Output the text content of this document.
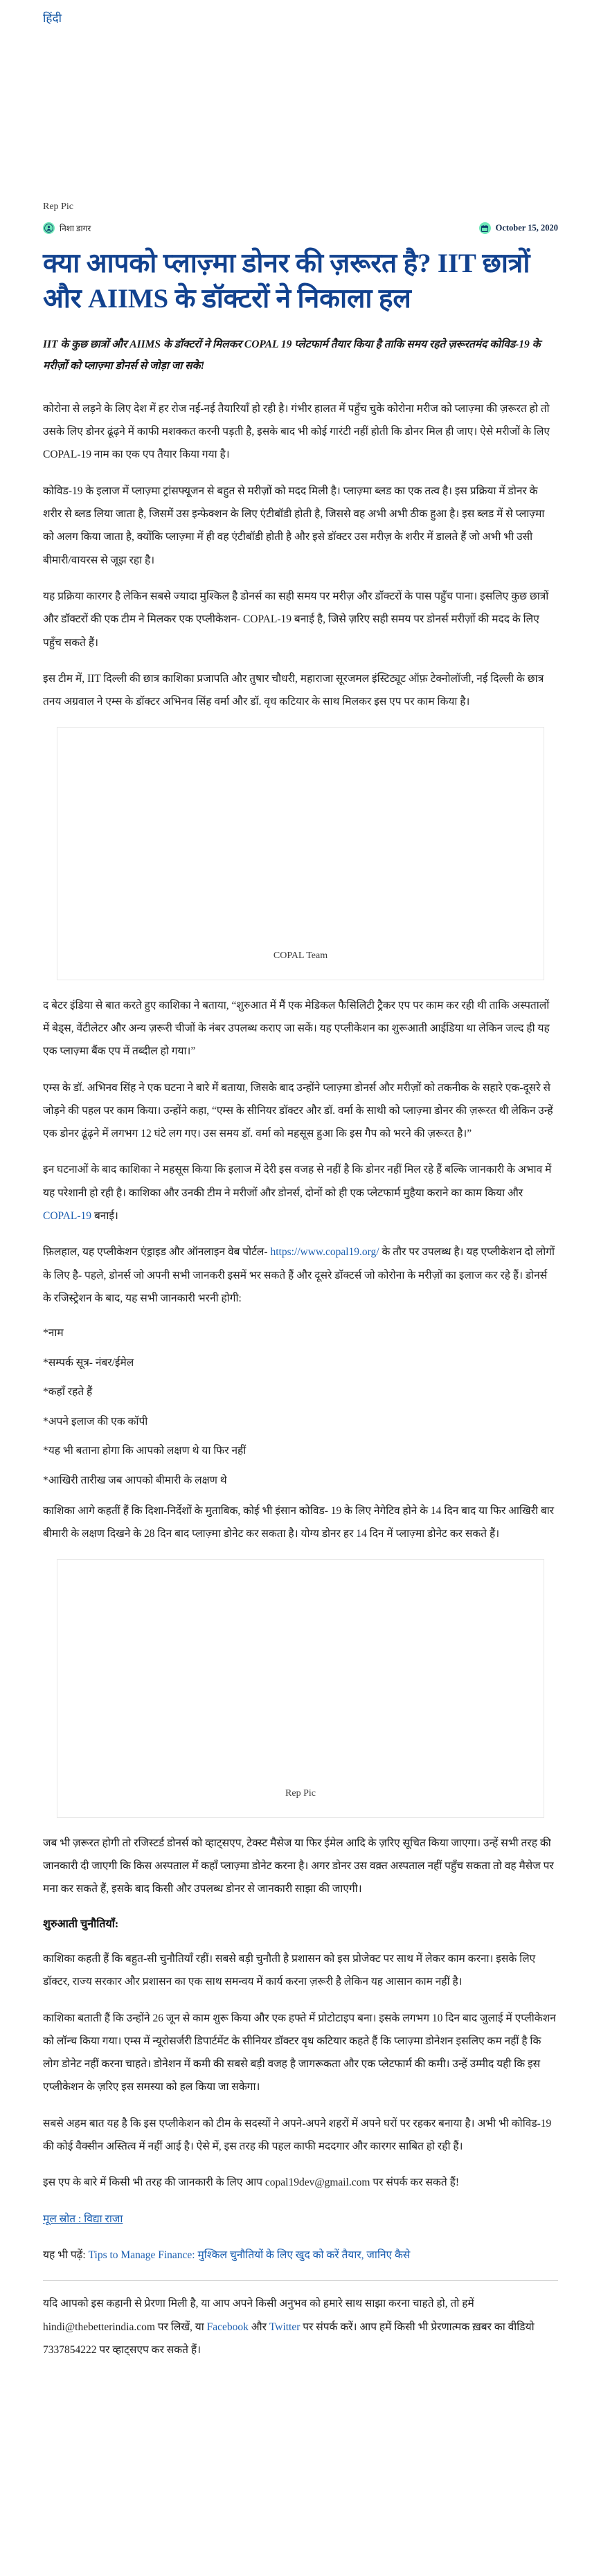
हिंदी
Rep Pic
निशा डागर	October 15, 2020
क्या आपको प्लाज़्मा डोनर की ज़रूरत है? IIT छात्रों और AIIMS के डॉक्टरों ने निकाला हल

IIT के कुछ छात्रों और AIIMS के डॉक्टरों ने मिलकर COPAL 19 प्लेटफार्म तैयार किया है ताकि समय रहते ज़रूरतमंद कोविड-19 के मरीज़ों को प्लाज़्मा डोनर्स से जोड़ा जा सके!

कोरोना से लड़ने के लिए देश में हर रोज नई-नई तैयारियाँ हो रही है। गंभीर हालत में पहुँच चुके कोरोना मरीज को प्लाज़्मा की ज़रूरत हो तो उसके लिए डोनर ढूंढ़ने में काफी मशक्कत करनी पड़ती है, इसके बाद भी कोई गारंटी नहीं होती कि डोनर मिल ही जाए। ऐसे मरीजों के लिए COPAL-19 नाम का एक एप तैयार किया गया है।

कोविड-19 के इलाज में प्लाज़्मा ट्रांसफ्यूजन से बहुत से मरीज़ों को मदद मिली है। प्लाज़्मा ब्लड का एक तत्व है। इस प्रक्रिया में डोनर के शरीर से ब्लड लिया जाता है, जिसमें उस इन्फेक्शन के लिए एंटीबॉडी होती है, जिससे वह अभी अभी ठीक हुआ है। इस ब्लड में से प्लाज़्मा को अलग किया जाता है, क्योंकि प्लाज़्मा में ही वह एंटीबॉडी होती है और इसे डॉक्टर उस मरीज़ के शरीर में डालते हैं जो अभी भी उसी बीमारी/वायरस से जूझ रहा है।

यह प्रक्रिया कारगर है लेकिन सबसे ज्यादा मुश्किल है डोनर्स का सही समय पर मरीज़ और डॉक्टरों के पास पहुँच पाना। इसलिए कुछ छात्रों और डॉक्टरों की एक टीम ने मिलकर एक एप्लीकेशन- COPAL-19 बनाई है, जिसे ज़रिए सही समय पर डोनर्स मरीज़ों की मदद के लिए पहुँच सकते हैं।

इस टीम में, IIT दिल्ली की छात्र काशिका प्रजापति और तुषार चौधरी, महाराजा सूरजमल इंस्टिट्यूट ऑफ़ टेक्नोलॉजी, नई दिल्ली के छात्र तनय अग्रवाल ने एम्स के डॉक्टर अभिनव सिंह वर्मा और डॉ. वृध कटियार के साथ मिलकर इस एप पर काम किया है।

COPAL Team

द बेटर इंडिया से बात करते हुए काशिका ने बताया, “शुरुआत में मैं एक मेडिकल फैसिलिटी ट्रैकर एप पर काम कर रही थी ताकि अस्पतालों में बेड्स, वेंटीलेटर और अन्य ज़रूरी चीजों के नंबर उपलब्ध कराए जा सकें। यह एप्लीकेशन का शुरूआती आईडिया था लेकिन जल्द ही यह एक प्लाज़्मा बैंक एप में तब्दील हो गया।”

एम्स के डॉ. अभिनव सिंह ने एक घटना ने बारे में बताया, जिसके बाद उन्होंने प्लाज़्मा डोनर्स और मरीज़ों को तकनीक के सहारे एक-दूसरे से जोड़ने की पहल पर काम किया। उन्होंने कहा, “एम्स के सीनियर डॉक्टर और डॉ. वर्मा के साथी को प्लाज़्मा डोनर की ज़रूरत थी लेकिन उन्हें एक डोनर ढूंढ़ने में लगभग 12 घंटे लग गए। उस समय डॉ. वर्मा को महसूस हुआ कि इस गैप को भरने की ज़रूरत है।”

इन घटनाओं के बाद काशिका ने महसूस किया कि इलाज में देरी इस वजह से नहीं है कि डोनर नहीं मिल रहे हैं बल्कि जानकारी के अभाव में यह परेशानी हो रही है। काशिका और उनकी टीम ने मरीजों और डोनर्स, दोनों को ही एक प्लेटफार्म मुहैया कराने का काम किया और COPAL-19 बनाई।

फ़िलहाल, यह एप्लीकेशन एंड्राइड और ऑनलाइन वेब पोर्टल- https://www.copal19.org/ के तौर पर उपलब्ध है। यह एप्लीकेशन दो लोगों के लिए है- पहले, डोनर्स जो अपनी सभी जानकरी इसमें भर सकते हैं और दूसरे डॉक्टर्स जो कोरोना के मरीज़ों का इलाज कर रहे हैं। डोनर्स के रजिस्ट्रेशन के बाद, यह सभी जानकारी भरनी होगी:

*नाम

*सम्पर्क सूत्र- नंबर/ईमेल

*कहाँ रहते हैं

*अपने इलाज की एक कॉपी

*यह भी बताना होगा कि आपको लक्षण थे या फिर नहीं

*आखिरी तारीख जब आपको बीमारी के लक्षण थे

काशिका आगे कहतीं हैं कि दिशा-निर्देशों के मुताबिक, कोई भी इंसान कोविड- 19 के लिए नेगेटिव होने के 14 दिन बाद या फिर आखिरी बार बीमारी के लक्षण दिखने के 28 दिन बाद प्लाज़्मा डोनेट कर सकता है। योग्य डोनर हर 14 दिन में प्लाज़्मा डोनेट कर सकते हैं।

Rep Pic

जब भी ज़रूरत होगी तो रजिस्टर्ड डोनर्स को व्हाट्सएप, टेक्स्ट मैसेज या फिर ईमेल आदि के ज़रिए सूचित किया जाएगा। उन्हें सभी तरह की जानकारी दी जाएगी कि किस अस्पताल में कहाँ प्लाज़्मा डोनेट करना है। अगर डोनर उस वक़्त अस्पताल नहीं पहुँच सकता तो वह मैसेज पर मना कर सकते हैं, इसके बाद किसी और उपलब्ध डोनर से जानकारी साझा की जाएगी।

शुरुआती चुनौतियाँ:

काशिका कहती हैं कि बहुत-सी चुनौतियाँ रहीं। सबसे बड़ी चुनौती है प्रशासन को इस प्रोजेक्ट पर साथ में लेकर काम करना। इसके लिए डॉक्टर, राज्य सरकार और प्रशासन का एक साथ समन्वय में कार्य करना ज़रूरी है लेकिन यह आसान काम नहीं है।

काशिका बताती हैं कि उन्होंने 26 जून से काम शुरू किया और एक हफ्ते में प्रोटोटाइप बना। इसके लगभग 10 दिन बाद जुलाई में एप्लीकेशन को लॉन्च किया गया। एम्स में न्यूरोसर्जरी डिपार्टमेंट के सीनियर डॉक्टर वृध कटियार कहते हैं कि प्लाज़्मा डोनेशन इसलिए कम नहीं है कि लोग डोनेट नहीं करना चाहते। डोनेशन में कमी की सबसे बड़ी वजह है जागरूकता और एक प्लेटफार्म की कमी। उन्हें उम्मीद यही कि इस एप्लीकेशन के ज़रिए इस समस्या को हल किया जा सकेगा।

सबसे अहम बात यह है कि इस एप्लीकेशन को टीम के सदस्यों ने अपने-अपने शहरों में अपने घरों पर रहकर बनाया है। अभी भी कोविड-19 की कोई वैक्सीन अस्तित्व में नहीं आई है। ऐसे में, इस तरह की पहल काफी मददगार और कारगर साबित हो रही हैं।

इस एप के बारे में किसी भी तरह की जानकारी के लिए आप copal19dev@gmail.com पर संपर्क कर सकते हैं!

मूल स्रोत : विद्या राजा

यह भी पढ़ें: Tips to Manage Finance: मुश्किल चुनौतियों के लिए खुद को करें तैयार, जानिए कैसे

यदि आपको इस कहानी से प्रेरणा मिली है, या आप अपने किसी अनुभव को हमारे साथ साझा करना चाहते हो, तो हमें hindi@thebetterindia.com पर लिखें, या Facebook और Twitter पर संपर्क करें। आप हमें किसी भी प्रेरणात्मक ख़बर का वीडियो 7337854222 पर व्हाट्सएप कर सकते हैं।
